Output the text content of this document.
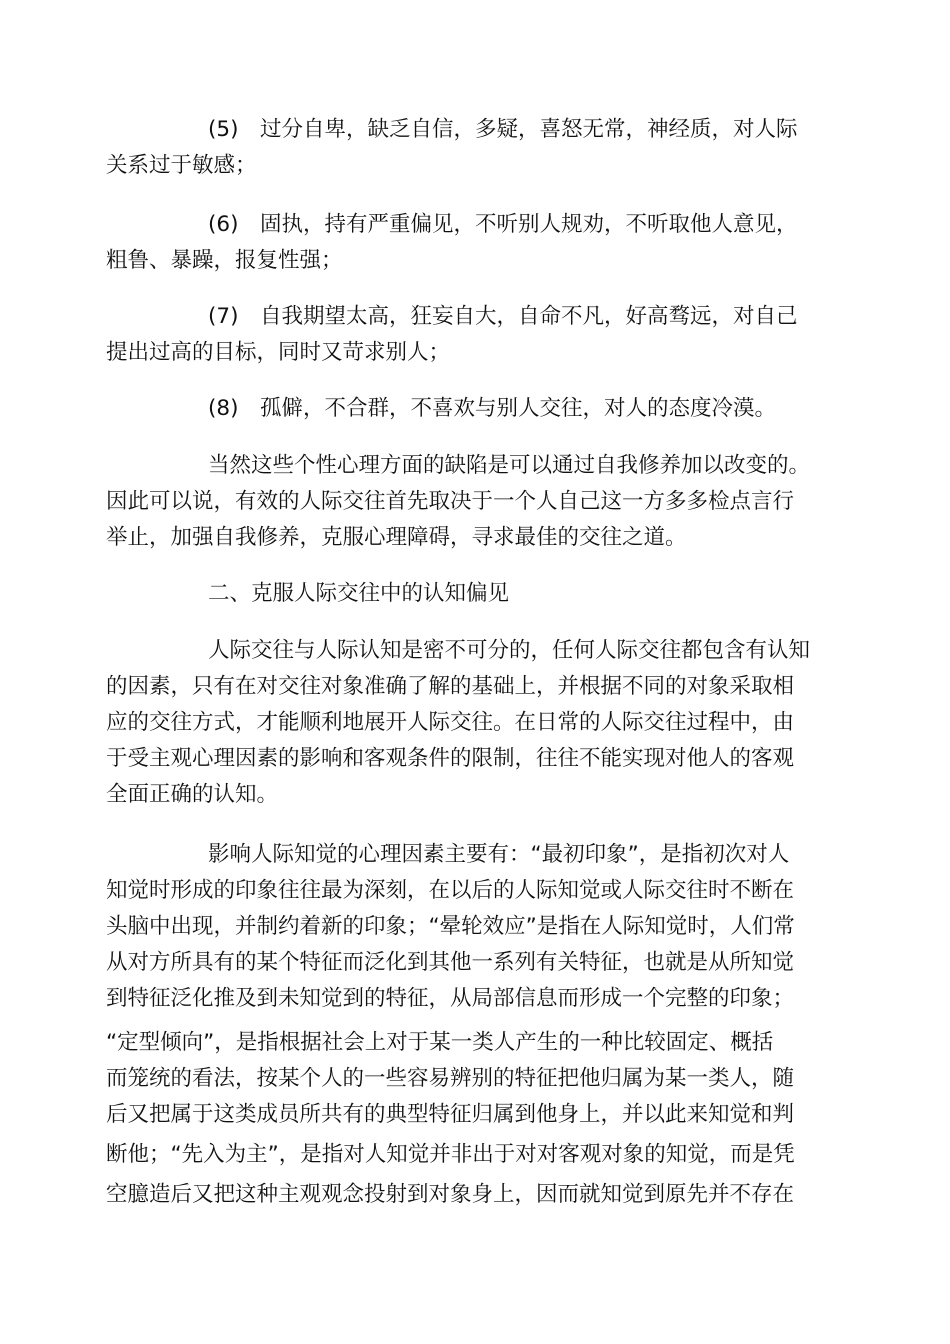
(5) 过分自卑，缺乏自信，多疑，喜怒无常，神经质，对人际
关系过于敏感；
(6) 固执，持有严重偏见，不听别人规劝，不听取他人意见，
粗鲁、暴躁，报复性强；
(7) 自我期望太高，狂妄自大，自命不凡，好高骛远，对自己
提出过高的目标，同时又苛求别人；
(8) 孤僻，不合群，不喜欢与别人交往，对人的态度冷漠。
当然这些个性心理方面的缺陷是可以通过自我修养加以改变的。
因此可以说，有效的人际交往首先取决于一个人自己这一方多多检点言行
举止，加强自我修养，克服心理障碍，寻求最佳的交往之道。
二、克服人际交往中的认知偏见
人际交往与人际认知是密不可分的，任何人际交往都包含有认知
的因素，只有在对交往对象准确了解的基础上，并根据不同的对象采取相
应的交往方式，才能顺利地展开人际交往。在日常的人际交往过程中，由
于受主观心理因素的影响和客观条件的限制，往往不能实现对他人的客观
全面正确的认知。
影响人际知觉的心理因素主要有：“最初印象”，是指初次对人
知觉时形成的印象往往最为深刻，在以后的人际知觉或人际交往时不断在
头脑中出现，并制约着新的印象；“晕轮效应”是指在人际知觉时，人们常
从对方所具有的某个特征而泛化到其他一系列有关特征，也就是从所知觉
到特征泛化推及到未知觉到的特征，从局部信息而形成一个完整的印象；
“定型倾向”，是指根据社会上对于某一类人产生的一种比较固定、概括
而笼统的看法，按某个人的一些容易辨别的特征把他归属为某一类人，随
后又把属于这类成员所共有的典型特征归属到他身上，并以此来知觉和判
断他；“先入为主”，是指对人知觉并非出于对对客观对象的知觉，而是凭
空臆造后又把这种主观观念投射到对象身上，因而就知觉到原先并不存在
